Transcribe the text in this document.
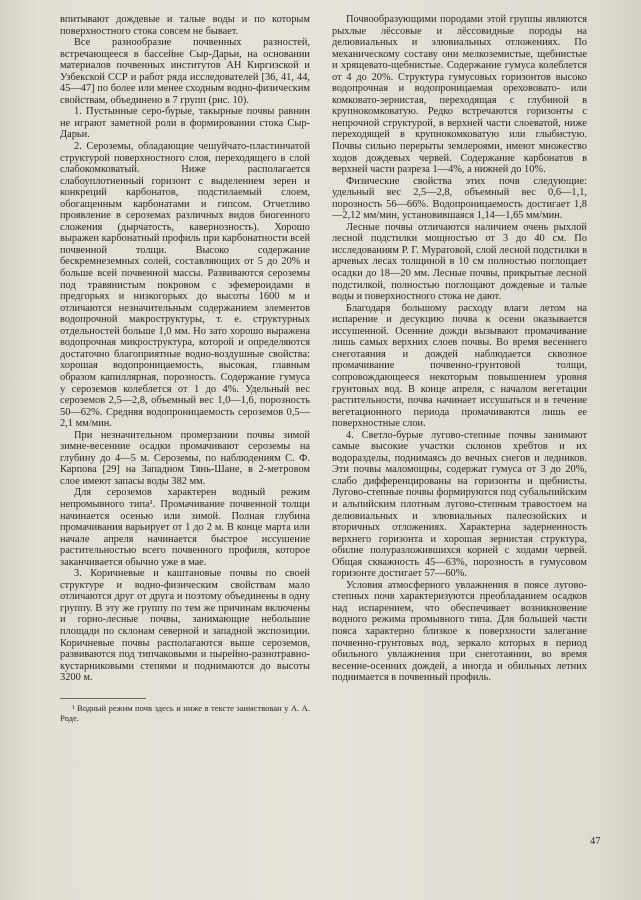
впитывают дождевые и талые воды и по которым поверхностного стока совсем не бывает.

Все разнообразие почвенных разностей, встречающееся в бассейне Сыр-Дарьи, на основании материалов почвенных институтов АН Киргизской и Узбекской ССР и работ ряда исследователей [36, 41, 44, 45—47] по более или менее сходным водно-физическим свойствам, объединено в 7 групп (рис. 10).

1. Пустынные серо-бурые, такырные почвы равнин не играют заметной роли в формировании стока Сыр-Дарьи.

2. Сероземы, обладающие чешуйчато-пластинчатой структурой поверхностного слоя, переходящего в слой слабокомковатый. Ниже располагается слабоуплотненный горизонт с выделением зерен и конкреций карбонатов, подстилаемый слоем, обогащенным карбонатами и гипсом. Отчетливо проявление в сероземах различных видов биогенного сложения (дырчатость, кавернозность). Хорошо выражен карбонатный профиль при карбонатности всей почвенной толщи. Высоко содержание бескремнеземных солей, составляющих от 5 до 20% и больше всей почвенной массы. Развиваются сероземы под травянистым покровом с эфемероидами в предгорьях и низкогорьях до высоты 1600 м и отличаются незначительным содержанием элементов водопрочной макроструктуры, т. е. структурных отдельностей больше 1,0 мм. Но зато хорошо выражена водопрочная микроструктура, которой и определяются достаточно благоприятные водно-воздушные свойства: хорошая водопроницаемость, высокая, главным образом капиллярная, порозность. Содержание гумуса у сероземов колеблется от 1 до 4%. Удельный вес сероземов 2,5—2,8, объемный вес 1,0—1,6, порозность 50—62%. Средняя водопроницаемость сероземов 0,5—2,1 мм/мин.

При незначительном промерзании почвы зимой зимне-весенние осадки промачивают сероземы на глубину до 4—5 м. Сероземы, по наблюдениям С. Ф. Карпова [29] на Западном Тянь-Шане, в 2-метровом слое имеют запасы воды 382 мм.

Для сероземов характерен водный режим непромывного типа¹. Промачивание почвенной толщи начинается осенью или зимой. Полная глубина промачивания варьирует от 1 до 2 м. В конце марта или начале апреля начинается быстрое иссушение растительностью всего почвенного профиля, которое заканчивается обычно уже в мае.

3. Коричневые и каштановые почвы по своей структуре и водно-физическим свойствам мало отличаются друг от друга и поэтому объединены в одну группу. В эту же группу по тем же причинам включены и горно-лесные почвы, занимающие небольшие площади по склонам северной и западной экспозиции. Коричневые почвы располагаются выше сероземов, развиваются под типчаковыми и пырейно-разнотравно-кустарниковыми степями и поднимаются до высоты 3200 м.

¹ Водный режим почв здесь и ниже в тексте заимствован у А. А. Роде.

Почвообразующими породами этой группы являются рыхлые лёссовые и лёссовидные породы на делювиальных и элювиальных отложениях. По механическому составу они мелкоземистые, щебнистые и хрящевато-щебнистые. Содержание гумуса колеблется от 4 до 20%. Структура гумусовых горизонтов высоко водопрочная и водопроницаемая орехововато- или комковато-зернистая, переходящая с глубиной в крупнокомковатую. Редко встречаются горизонты с непрочной структурой, в верхней части слоеватой, ниже переходящей в крупнокомковатую или глыбистую. Почвы сильно перерыты землероями, имеют множество ходов дождевых червей. Содержание карбонатов в верхней части разреза 1—4%, а нижней до 10%.

Физические свойства этих почв следующие: удельный вес 2,5—2,8, объемный вес 0,6—1,1, порозность 56—66%. Водопроницаемость достигает 1,8—2,12 мм/мин, установившаяся 1,14—1,65 мм/мин.

Лесные почвы отличаются наличием очень рыхлой лесной подстилки мощностью от 3 до 40 см. По исследованиям Р. Г. Муратовой, слой лесной подстилки в арчевых лесах толщиной в 10 см полностью поглощает осадки до 18—20 мм. Лесные почвы, прикрытые лесной подстилкой, полностью поглощают дождевые и талые воды и поверхностного стока не дают.

Благодаря большому расходу влаги летом на испарение и десукцию почва к осени оказывается иссушенной. Осенние дожди вызывают промачивание лишь самых верхних слоев почвы. Во время весеннего снеготаяния и дождей наблюдается сквозное промачивание почвенно-грунтовой толщи, сопровождающееся некоторым повышением уровня грунтовых вод. В конце апреля, с началом вегетации растительности, почва начинает иссушаться и в течение вегетационного периода промачиваются лишь ее поверхностные слои.

4. Светло-бурые лугово-степные почвы занимают самые высокие участки склонов хребтов и их водоразделы, поднимаясь до вечных снегов и ледников. Эти почвы маломощны, содержат гумуса от 3 до 20%, слабо дифференцированы на горизонты и щебнисты. Лугово-степные почвы формируются под субальпийским и альпийским плотным лугово-степным травостоем на делювиальных и элювиальных палеозойских и вторичных отложениях. Характерна задерненность верхнего горизонта и хорошая зернистая структура, обилие полуразложившихся корней с ходами червей. Общая скважность 45—63%, порозность в гумусовом горизонте достигает 57—60%.

Условия атмосферного увлажнения в поясе лугово-степных почв характеризуются преобладанием осадков над испарением, что обеспечивает возникновение водного режима промывного типа. Для большей части пояса характерно близкое к поверхности залегание почвенно-грунтовых вод, зеркало которых в период обильного увлажнения при снеготаянии, во время весенне-осенних дождей, а иногда и обильных летних поднимается в почвенный профиль.

47
